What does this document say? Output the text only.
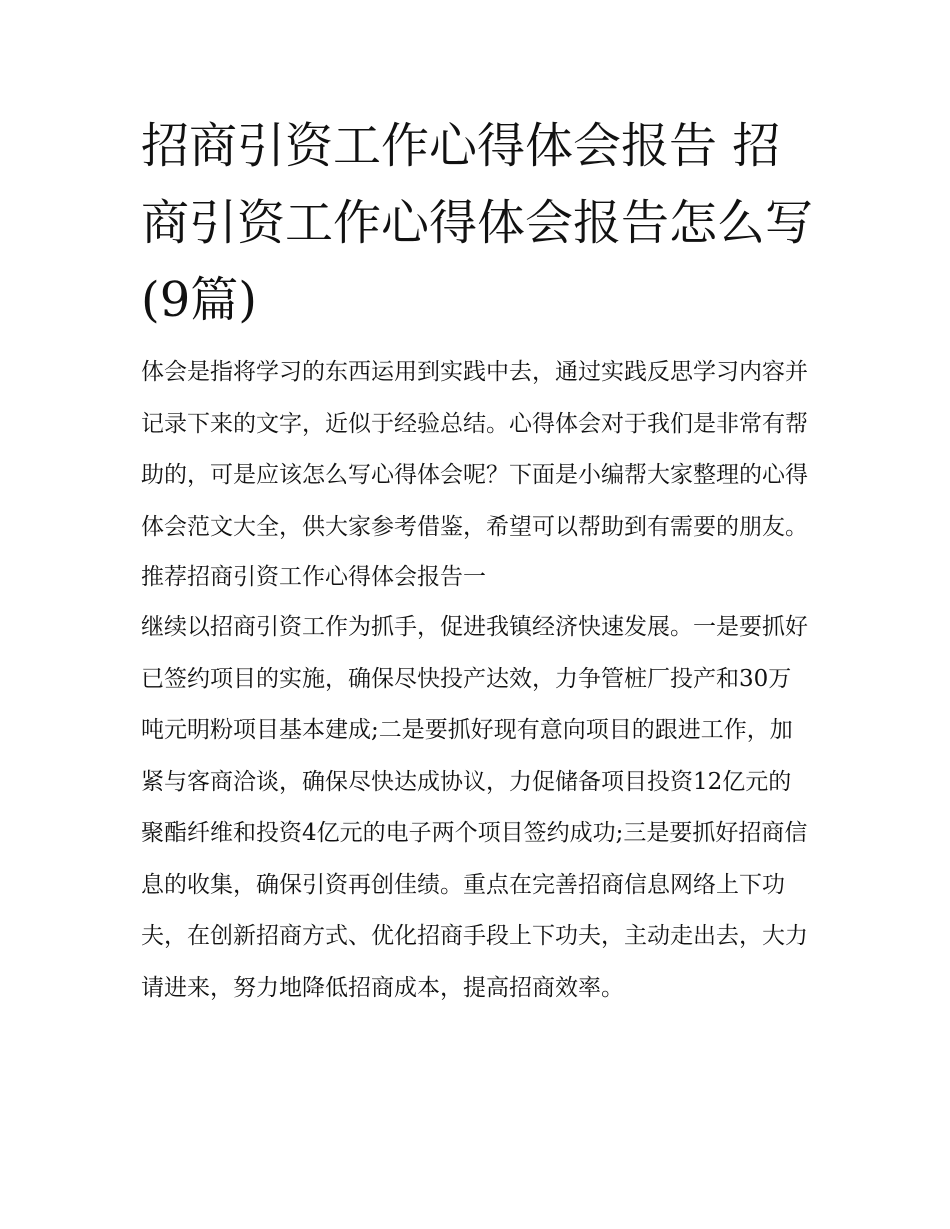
招商引资工作心得体会报告 招商引资工作心得体会报告怎么写(9篇)

体会是指将学习的东西运用到实践中去，通过实践反思学习内容并记录下来的文字，近似于经验总结。心得体会对于我们是非常有帮助的，可是应该怎么写心得体会呢？下面是小编帮大家整理的心得体会范文大全，供大家参考借鉴，希望可以帮助到有需要的朋友。

推荐招商引资工作心得体会报告一

继续以招商引资工作为抓手，促进我镇经济快速发展。一是要抓好已签约项目的实施，确保尽快投产达效，力争管桩厂投产和30万吨元明粉项目基本建成;二是要抓好现有意向项目的跟进工作，加紧与客商洽谈，确保尽快达成协议，力促储备项目投资12亿元的聚酯纤维和投资4亿元的电子两个项目签约成功;三是要抓好招商信息的收集，确保引资再创佳绩。重点在完善招商信息网络上下功夫，在创新招商方式、优化招商手段上下功夫，主动走出去，大力请进来，努力地降低招商成本，提高招商效率。
